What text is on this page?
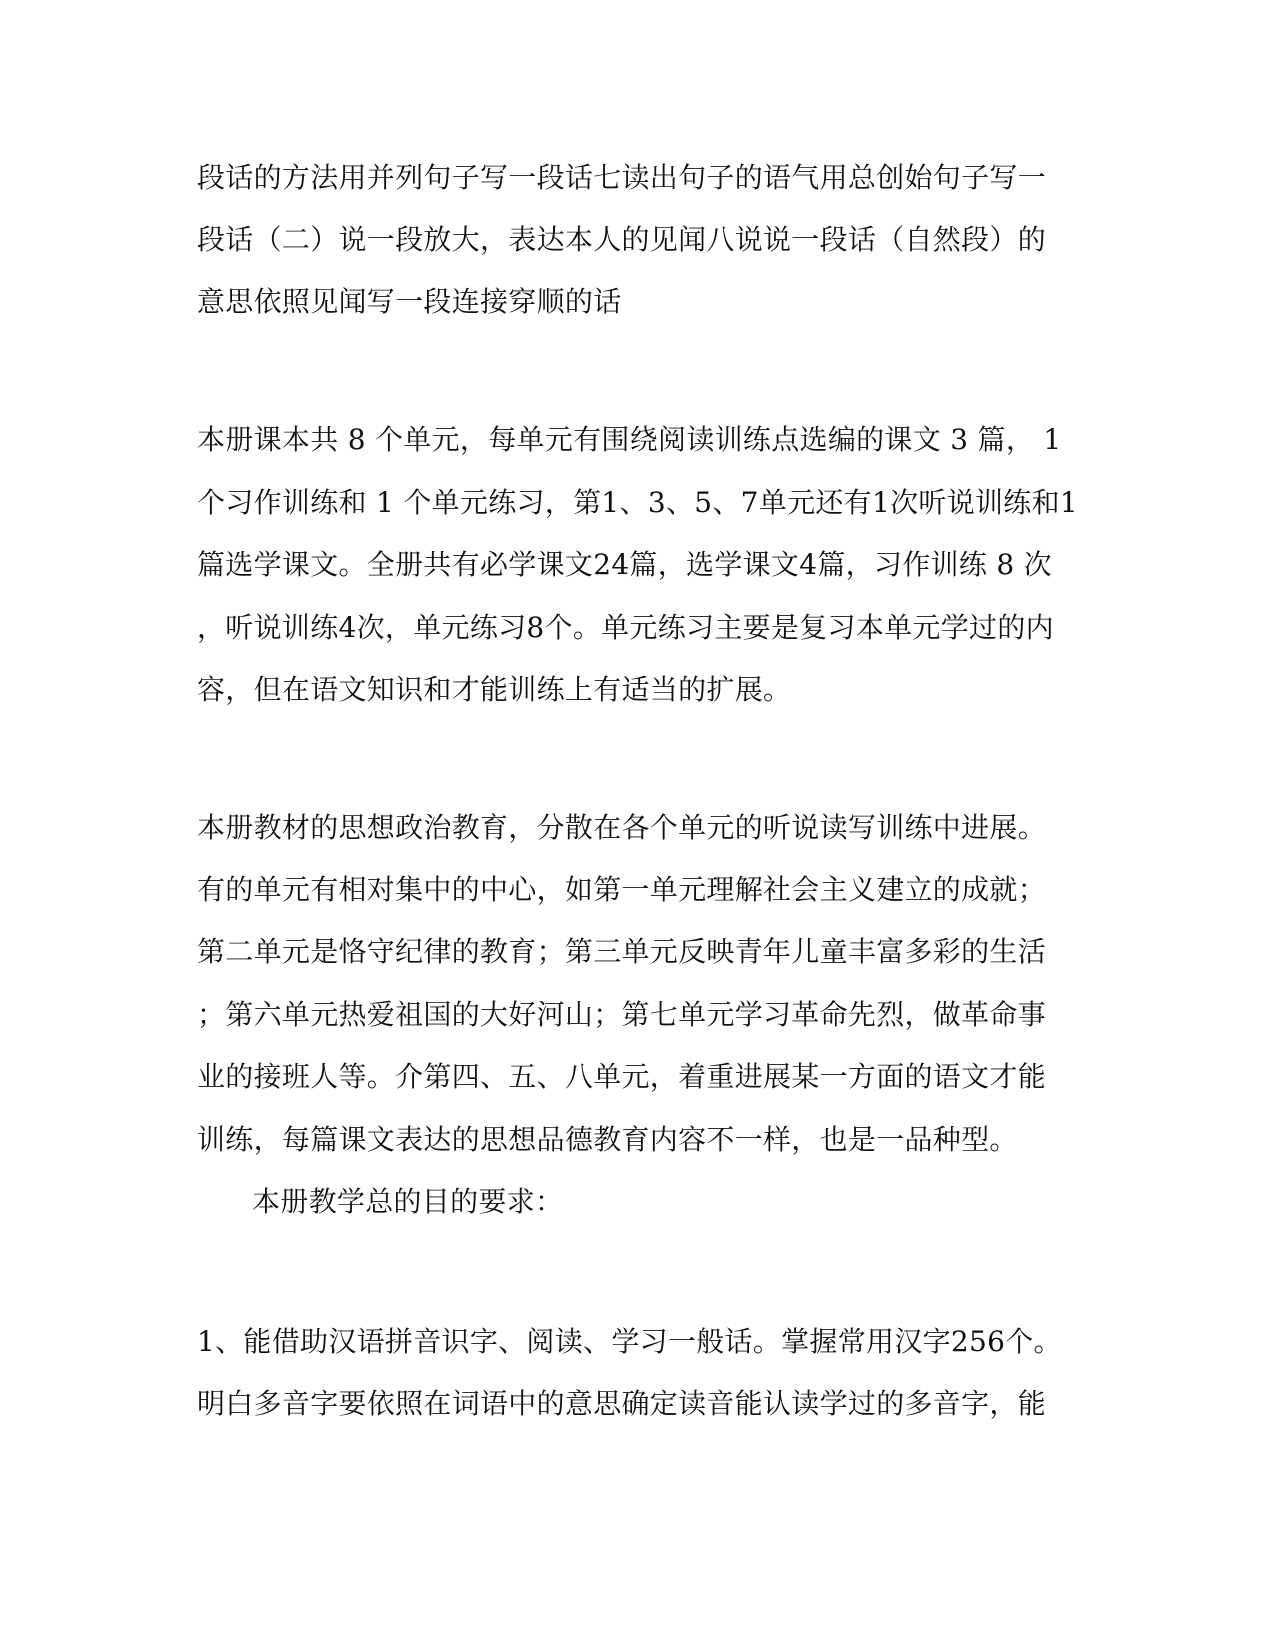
段话的方法用并列句子写一段话七读出句子的语气用总创始句子写一
段话（二）说一段放大，表达本人的见闻八说说一段话（自然段）的
意思依照见闻写一段连接穿顺的话
本册课本共 8 个单元，每单元有围绕阅读训练点选编的课文 3 篇， 1
个习作训练和 1 个单元练习，第1、3、5、7单元还有1次听说训练和1
篇选学课文。全册共有必学课文24篇，选学课文4篇，习作训练 8 次
，听说训练4次，单元练习8个。单元练习主要是复习本单元学过的内
容，但在语文知识和才能训练上有适当的扩展。
本册教材的思想政治教育，分散在各个单元的听说读写训练中进展。
有的单元有相对集中的中心，如第一单元理解社会主义建立的成就；
第二单元是恪守纪律的教育；第三单元反映青年儿童丰富多彩的生活
；第六单元热爱祖国的大好河山；第七单元学习革命先烈，做革命事
业的接班人等。介第四、五、八单元，着重进展某一方面的语文才能
训练，每篇课文表达的思想品德教育内容不一样，也是一品种型。
本册教学总的目的要求：
1、能借助汉语拼音识字、阅读、学习一般话。掌握常用汉字256个。
明白多音字要依照在词语中的意思确定读音能认读学过的多音字，能
